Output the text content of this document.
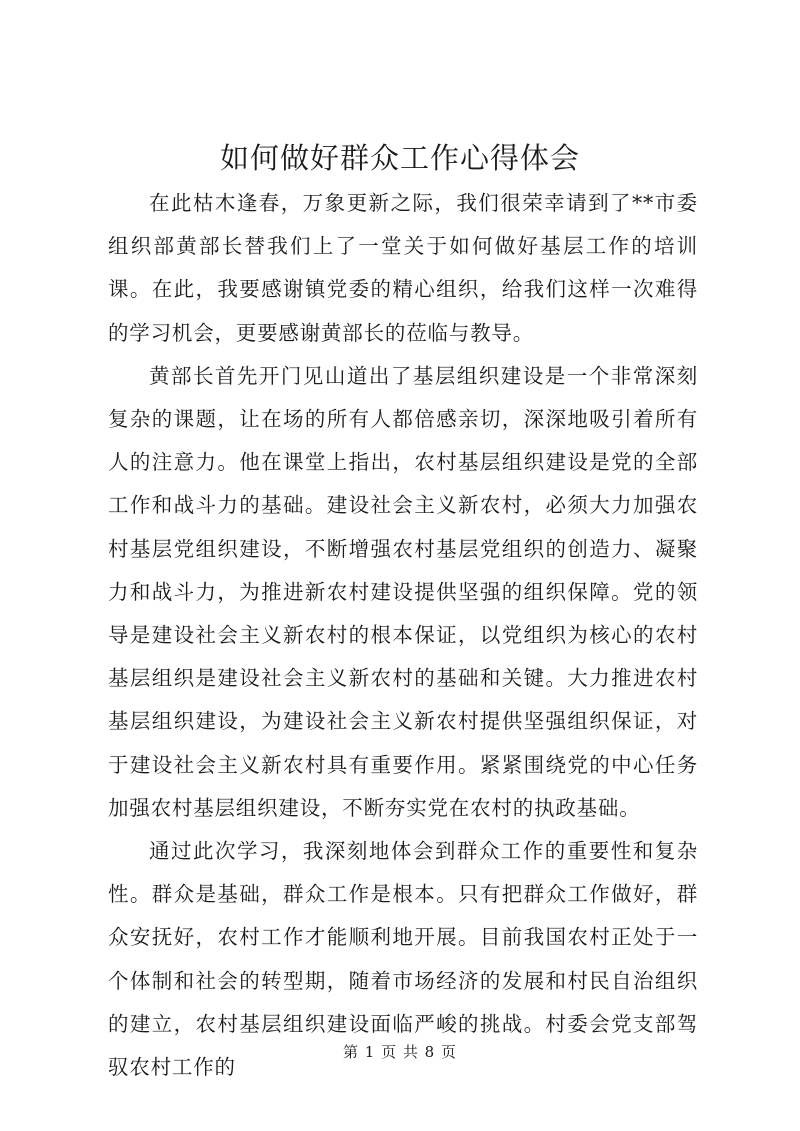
如何做好群众工作心得体会

在此枯木逢春，万象更新之际，我们很荣幸请到了**市委组织部黄部长替我们上了一堂关于如何做好基层工作的培训课。在此，我要感谢镇党委的精心组织，给我们这样一次难得的学习机会，更要感谢黄部长的莅临与教导。

黄部长首先开门见山道出了基层组织建设是一个非常深刻复杂的课题，让在场的所有人都倍感亲切，深深地吸引着所有人的注意力。他在课堂上指出，农村基层组织建设是党的全部工作和战斗力的基础。建设社会主义新农村，必须大力加强农村基层党组织建设，不断增强农村基层党组织的创造力、凝聚力和战斗力，为推进新农村建设提供坚强的组织保障。党的领导是建设社会主义新农村的根本保证，以党组织为核心的农村基层组织是建设社会主义新农村的基础和关键。大力推进农村基层组织建设，为建设社会主义新农村提供坚强组织保证，对于建设社会主义新农村具有重要作用。紧紧围绕党的中心任务加强农村基层组织建设，不断夯实党在农村的执政基础。

通过此次学习，我深刻地体会到群众工作的重要性和复杂性。群众是基础，群众工作是根本。只有把群众工作做好，群众安抚好，农村工作才能顺利地开展。目前我国农村正处于一个体制和社会的转型期，随着市场经济的发展和村民自治组织的建立，农村基层组织建设面临严峻的挑战。村委会党支部驾驭农村工作的

第 1 页 共 8 页
